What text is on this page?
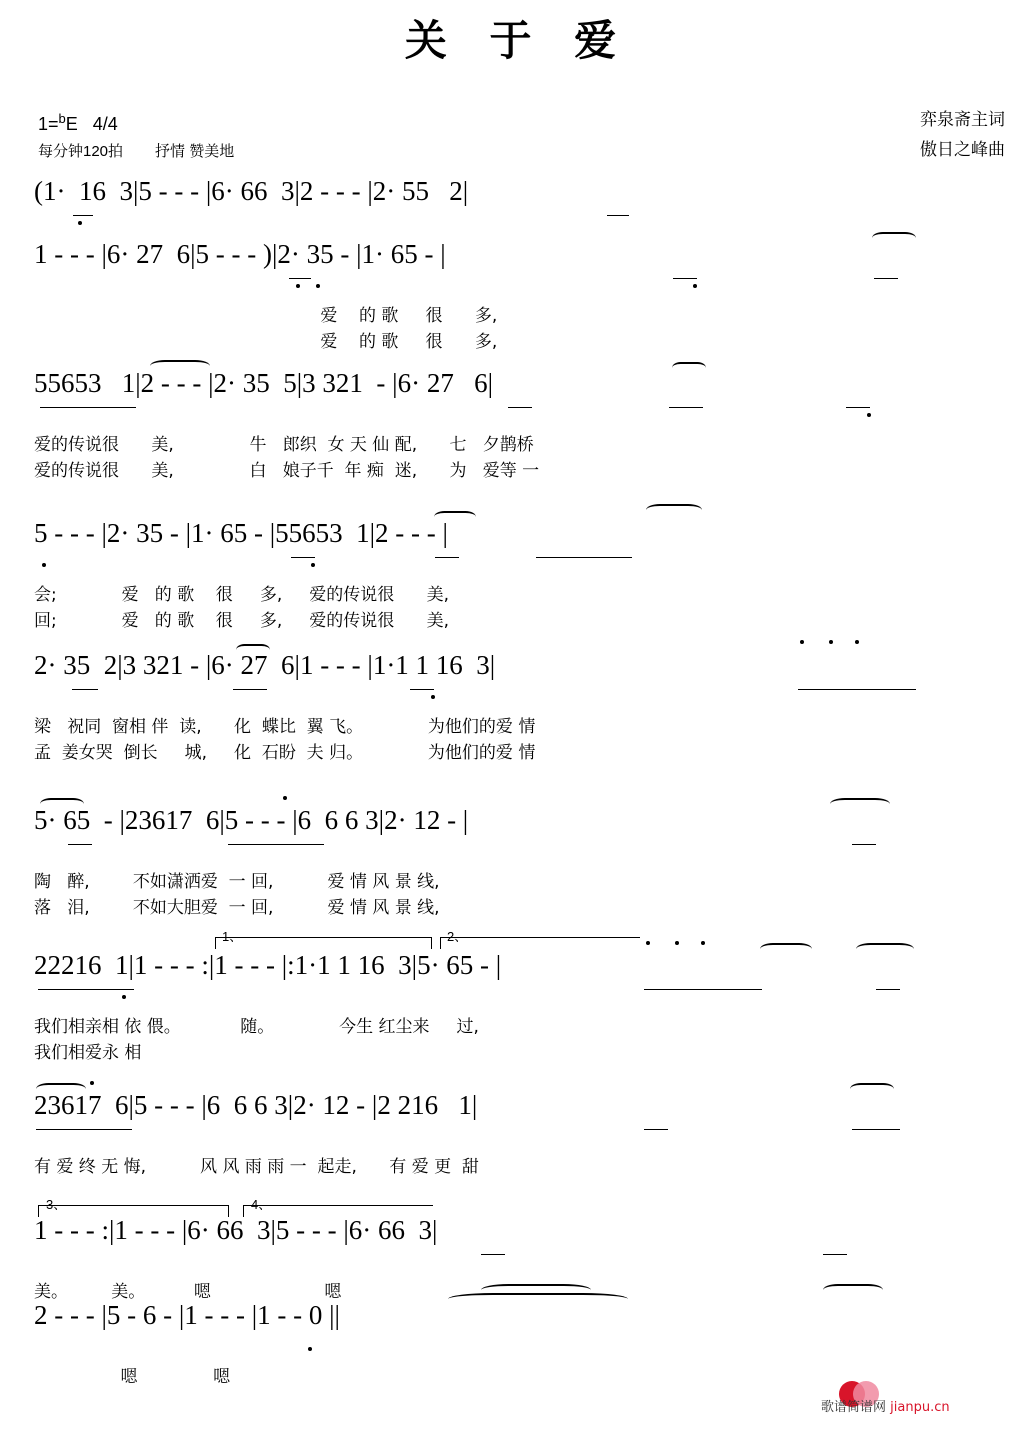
关 于 爱
1=$^b$E 4/4
每分钟120拍 抒情 赞美地
弈泉斋主词
傲日之峰曲
(1·  16  3|5 - - - |6· 66  3|2 - - - |2· 55   2|
1 - - - |6· 27  6|5 - - - )|2· 35 - |1· 65 - |
爱    的 歌     很      多,
爱    的 歌     很      多,
55653   1|2 - - - |2· 35  5|3 321  - |6· 27   6|
爱的传说很      美,              牛   郎织  女 天 仙 配,      七   夕鹊桥
爱的传说很      美,              白   娘子千  年 痴  迷,      为   爱等 一
5 - - - |2· 35 - |1· 65 - |55653  1|2 - - - |
会;            爱   的 歌    很     多,     爱的传说很      美,
回;            爱   的 歌    很     多,     爱的传说很      美,
2· 35  2|3 321 - |6· 27  6|1 - - - |1·1 1 16  3|
梁   祝同  窗相 伴  读,      化  蝶比  翼 飞。            为他们的爱 情
孟  姜女哭  倒长     城,     化  石盼  夫 归。            为他们的爱 情
5· 65  - |23617  6|5 - - - |6  6 6 3|2· 12 - |
陶   醉,        不如潇洒爱  一 回,          爱 情 风 景 线,
落   泪,        不如大胆爱  一 回,          爱 情 风 景 线,
1、	2、
22216  1|1 - - - :|1 - - - |:1·1 1 16  3|5· 65 - |
我们相亲相 依 偎。           随。            今生 红尘来     过,
我们相爱永 相
23617  6|5 - - - |6  6 6 3|2· 12 - |2 216   1|
有 爱 终 无 悔,          风 风 雨 雨 一  起走,      有 爱 更  甜
3、	4、
1 - - - :|1 - - - |6· 66  3|5 - - - |6· 66  3|
美。        美。         嗯                     嗯
2 - - - |5 - 6 - |1 - - - |1 - - 0 ||
嗯              嗯
歌谱简谱网 jianpu.cn
